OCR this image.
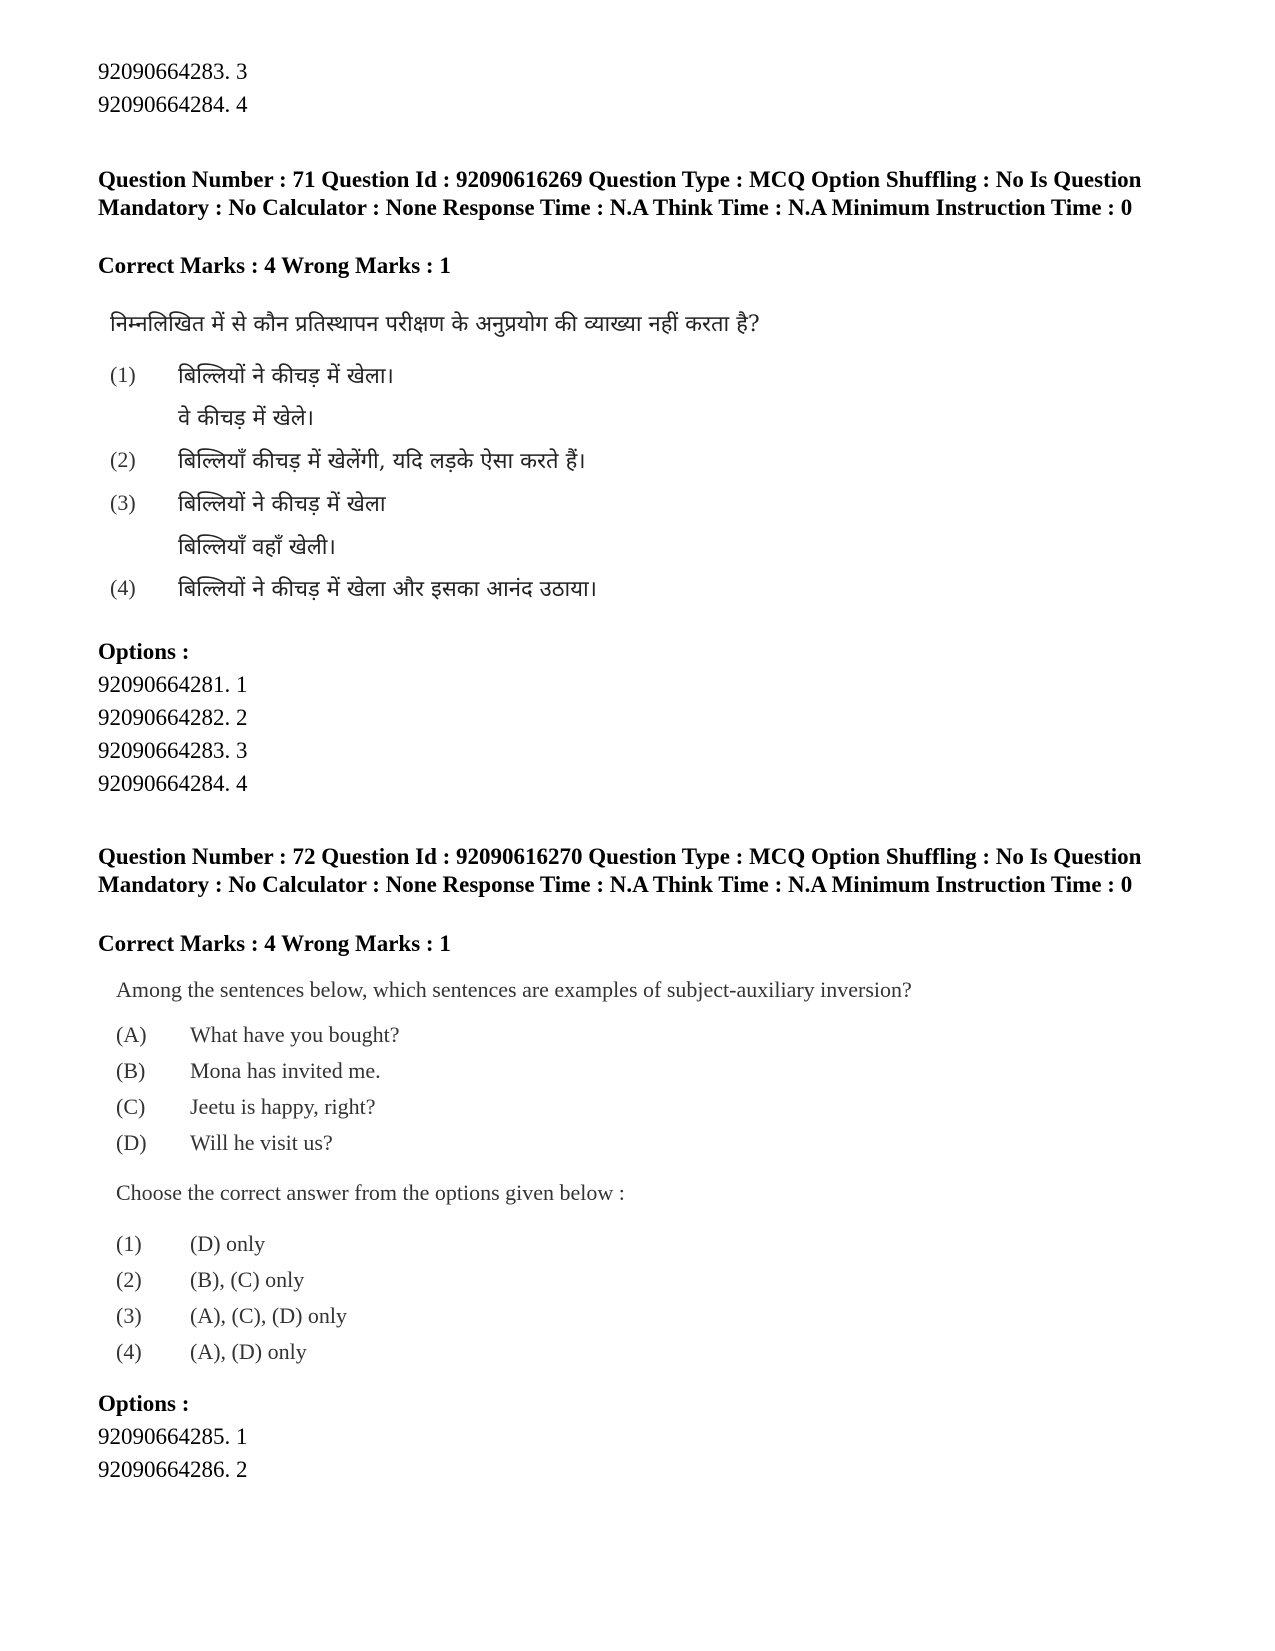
92090664283. 3
92090664284. 4
Question Number : 71 Question Id : 92090616269 Question Type : MCQ Option Shuffling : No Is Question Mandatory : No Calculator : None Response Time : N.A Think Time : N.A Minimum Instruction Time : 0
Correct Marks : 4 Wrong Marks : 1
निम्नलिखित में से कौन प्रतिस्थापन परीक्षण के अनुप्रयोग की व्याख्या नहीं करता है?
(1) बिल्लियों ने कीचड़ में खेला।
वे कीचड़ में खेले।
(2) बिल्लियाँ कीचड़ में खेलेंगी, यदि लड़के ऐसा करते हैं।
(3) बिल्लियों ने कीचड़ में खेला
बिल्लियाँ वहाँ खेली।
(4) बिल्लियों ने कीचड़ में खेला और इसका आनंद उठाया।
Options :
92090664281. 1
92090664282. 2
92090664283. 3
92090664284. 4
Question Number : 72 Question Id : 92090616270 Question Type : MCQ Option Shuffling : No Is Question Mandatory : No Calculator : None Response Time : N.A Think Time : N.A Minimum Instruction Time : 0
Correct Marks : 4 Wrong Marks : 1
Among the sentences below, which sentences are examples of subject-auxiliary inversion?
(A) What have you bought?
(B) Mona has invited me.
(C) Jeetu is happy, right?
(D) Will he visit us?
Choose the correct answer from the options given below :
(1) (D) only
(2) (B), (C) only
(3) (A), (C), (D) only
(4) (A), (D) only
Options :
92090664285. 1
92090664286. 2
